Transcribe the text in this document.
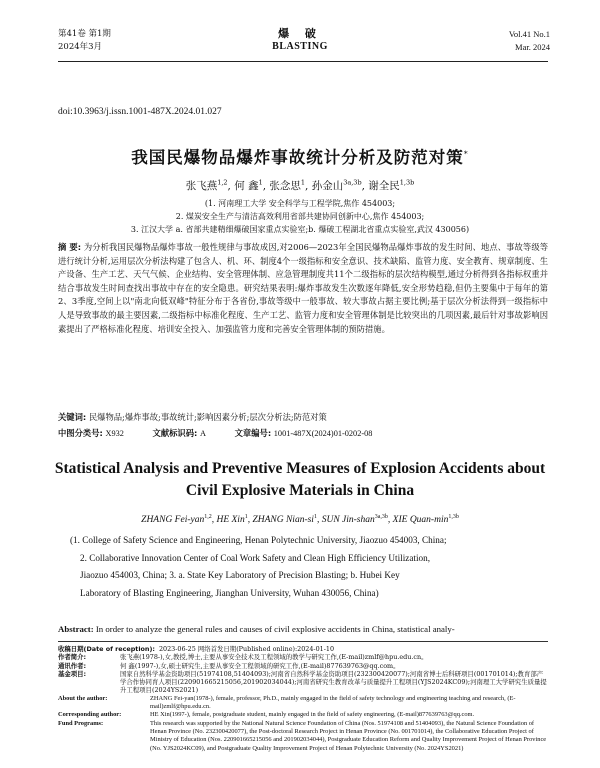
第41卷 第1期
2024年3月
爆 破
BLASTING
Vol.41 No.1
Mar. 2024
doi:10.3963/j.issn.1001-487X.2024.01.027
我国民爆物品爆炸事故统计分析及防范对策*
张飞燕$^{1,2}$, 何 鑫$^1$, 张念思$^1$, 孙金山$^{3a,3b}$, 谢全民$^{1,3b}$
(1. 河南理工大学 安全科学与工程学院,焦作 454003;
2. 煤炭安全生产与清洁高效利用省部共建协同创新中心,焦作 454003;
3. 江汉大学 a. 省部共建精细爆破国家重点实验室;b. 爆破工程湖北省重点实验室,武汉 430056)
摘 要: 为分析我国民爆物品爆炸事故一般性规律与事故成因,对2006—2023年全国民爆物品爆炸事故的发生时间、地点、事故等级等进行统计分析,运用层次分析法构建了包含人、机、环、制度4个一级指标和安全意识、技术缺陷、监管力度、安全教育、规章制度、生产设备、生产工艺、天气气候、企业结构、安全管理体制、应急管理制度共11个二级指标的层次结构模型,通过分析得到各指标权重并结合事故发生时间查找出事故中存在的安全隐患。研究结果表明:爆炸事故发生次数逐年降低,安全形势趋稳,但仍主要集中于每年的第2、3季度,空间上以"南北向低双峰"特征分布于各省份,事故等级中一般事故、较大事故占据主要比例;基于层次分析法得到一级指标中人是导致事故的最主要因素,二级指标中标准化程度、生产工艺、监管力度和安全管理体制是比较突出的几项因素,最后针对事故影响因素提出了严格标准化程度、培训安全投入、加强监管力度和完善安全管理体制的预防措施。
关键词: 民爆物品;爆炸事故;事故统计;影响因素分析;层次分析法;防范对策
中图分类号: X932	文献标识码: A	文章编号: 1001-487X(2024)01-0202-08
Statistical Analysis and Preventive Measures of Explosion Accidents about Civil Explosive Materials in China
ZHANG Fei-yan$^{1,2}$, HE Xin$^1$, ZHANG Nian-$si^1$, SUN Jin-shan$^{3a,3b}$, XIE Quan-$\min^{1,3b}$
(1. College of Safety Science and Engineering, Henan Polytechnic University, Jiaozuo 454003, China;
2. Collaborative Innovation Center of Coal Work Safety and Clean High Efficiency Utilization,
Jiaozuo 454003, China; 3. a. State Key Laboratory of Precision Blasting; b. Hubei Key
Laboratory of Blasting Engineering, Jianghan University, Wuhan 430056, China)
Abstract: In order to analyze the general rules and causes of civil explosive accidents in China, statistical analy-
收稿日期(Date of reception): 2023-06-25 网络首发日期(Published online):2024-01-10
作者简介:	张飞燕(1978-),女,教授,博士,主要从事安全技术及工程领域的教学与研究工作,(E-mail)zmlf@hpu.edu.cn。
通讯作者:	何 鑫(1997-),女,硕士研究生,主要从事安全工程领域的研究工作,(E-mail)877639763@qq.com。
基金项目:	国家自然科学基金资助项目(51974108,51404093);河南省自然科学基金资助项目(232300420077);河南省博士后科研项目(001701014);教育部产学合作协同育人项目(220901665215056,201902034044);河南省研究生教育改革与质量提升工程项目(YJS2024KC09);河南理工大学研究生质量提升工程项目(2024YS2021)
About the author:	ZHANG Fei-yan(1978-), female, professor, Ph.D., mainly engaged in the field of safety technology and engineering teaching and research, (E-mail)zmlf@hpu.edu.cn.
Corresponding author:	HE Xin(1997-), female, postgraduate student, mainly engaged in the field of safety engineering, (E-mail)877639763@qq.com.
Fund Programs:	This research was supported by the National Natural Science Foundation of China (Nos. 51974108 and 51404093), the Natural Science Foundation of Henan Province (No. 232300420077), the Post-doctoral Research Project in Henan Province (No. 001701014), the Collaborative Education Project of Ministry of Education (Nos. 220901665215056 and 201902034044), Postgraduate Education Reform and Quality Improvement Project of Henan Province (No. YJS2024KC09), and Postgraduate Quality Improvement Project of Henan Polytechnic University (No. 2024YS2021)
